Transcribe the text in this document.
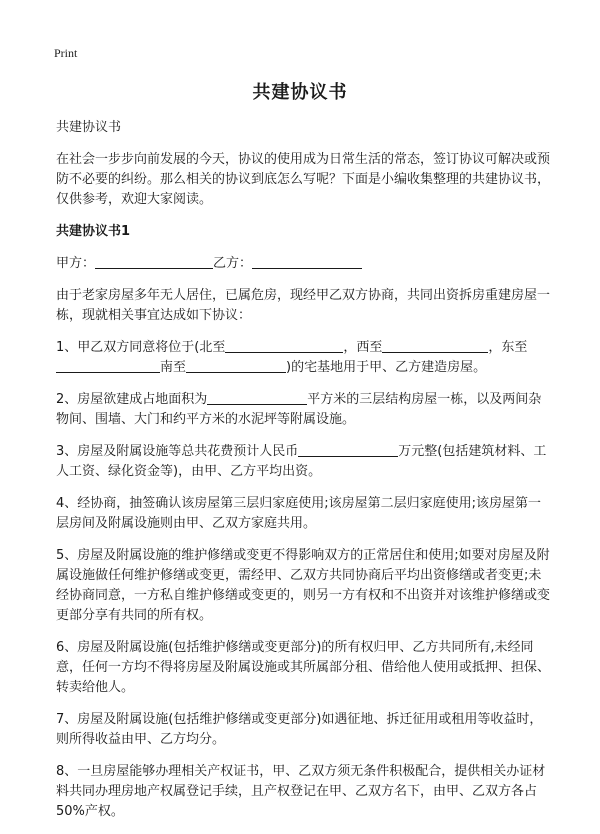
Print
共建协议书

共建协议书

在社会一步步向前发展的今天，协议的使用成为日常生活的常态，签订协议可解决或预防不必要的纠纷。那么相关的协议到底怎么写呢？下面是小编收集整理的共建协议书，仅供参考，欢迎大家阅读。

共建协议书1

甲方：	乙方：

由于老家房屋多年无人居住，已属危房，现经甲乙双方协商，共同出资拆房重建房屋一栋，现就相关事宜达成如下协议：

1、甲乙双方同意将位于(北至	，西至	，东至南至	)的宅基地用于甲、乙方建造房屋。

2、房屋欲建成占地面积为	平方米的三层结构房屋一栋，以及两间杂物间、围墙、大门和约平方米的水泥坪等附属设施。

3、房屋及附属设施等总共花费预计人民币	万元整(包括建筑材料、工人工资、绿化资金等)，由甲、乙方平均出资。

4、经协商，抽签确认该房屋第三层归家庭使用;该房屋第二层归家庭使用;该房屋第一层房间及附属设施则由甲、乙双方家庭共用。

5、房屋及附属设施的维护修缮或变更不得影响双方的正常居住和使用;如要对房屋及附属设施做任何维护修缮或变更，需经甲、乙双方共同协商后平均出资修缮或者变更;未经协商同意，一方私自维护修缮或变更的，则另一方有权和不出资并对该维护修缮或变更部分享有共同的所有权。

6、房屋及附属设施(包括维护修缮或变更部分)的所有权归甲、乙方共同所有,未经同意，任何一方均不得将房屋及附属设施或其所属部分租、借给他人使用或抵押、担保、转卖给他人。

7、房屋及附属设施(包括维护修缮或变更部分)如遇征地、拆迁征用或租用等收益时，则所得收益由甲、乙方均分。

8、一旦房屋能够办理相关产权证书，甲、乙双方须无条件积极配合，提供相关办证材料共同办理房地产权属登记手续，且产权登记在甲、乙双方名下，由甲、乙双方各占50%产权。
